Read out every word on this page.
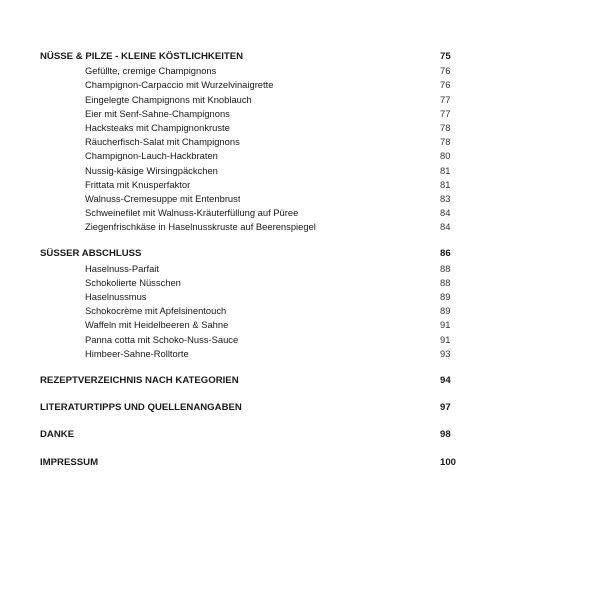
NÜSSE & PILZE - KLEINE KÖSTLICHKEITEN	75
Gefüllte, cremige Champignons	76
Champignon-Carpaccio mit Wurzelvinaigrette	76
Eingelegte Champignons mit Knoblauch	77
Eier mit Senf-Sahne-Champignons	77
Hacksteaks mit Champignonkruste	78
Räucherfisch-Salat mit Champignons	78
Champignon-Lauch-Hackbraten	80
Nussig-käsige Wirsingpäckchen	81
Frittata mit Knusperfaktor	81
Walnuss-Cremesuppe mit Entenbrust	83
Schweinefilet mit Walnuss-Kräuterfüllung auf Püree	84
Ziegenfrischkäse in Haselnusskruste auf Beerenspiegel	84
SÜSSER ABSCHLUSS	86
Haselnuss-Parfait	88
Schokolierte Nüsschen	88
Haselnussmus	89
Schokocrème mit Apfelsinentouch	89
Waffeln mit Heidelbeeren & Sahne	91
Panna cotta mit Schoko-Nuss-Sauce	91
Himbeer-Sahne-Rolltorte	93
REZEPTVERZEICHNIS NACH KATEGORIEN	94
LITERATURTIPPS UND QUELLENANGABEN	97
DANKE	98
IMPRESSUM	100
